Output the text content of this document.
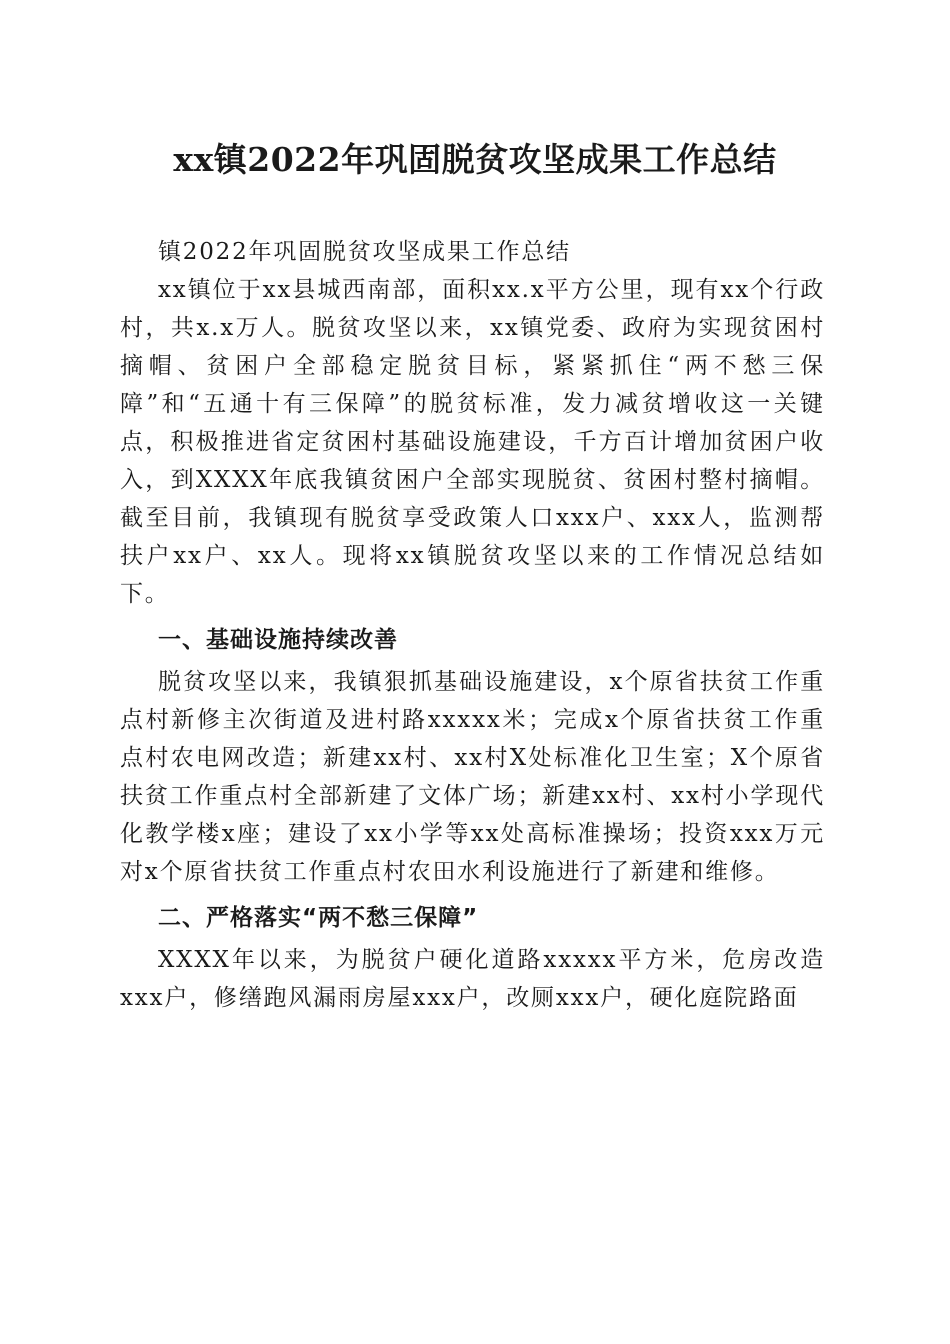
xx镇2022年巩固脱贫攻坚成果工作总结

镇2022年巩固脱贫攻坚成果工作总结

xx镇位于xx县城西南部，面积xx.x平方公里，现有xx个行政村，共x.x万人。脱贫攻坚以来，xx镇党委、政府为实现贫困村摘帽、贫困户全部稳定脱贫目标，紧紧抓住“两不愁三保障”和“五通十有三保障”的脱贫标准，发力减贫增收这一关键点，积极推进省定贫困村基础设施建设，千方百计增加贫困户收入，到XXXX年底我镇贫困户全部实现脱贫、贫困村整村摘帽。截至目前，我镇现有脱贫享受政策人口xxx户、xxx人，监测帮扶户xx户、xx人。现将xx镇脱贫攻坚以来的工作情况总结如下。

一、基础设施持续改善

脱贫攻坚以来，我镇狠抓基础设施建设，x个原省扶贫工作重点村新修主次街道及进村路xxxxx米；完成x个原省扶贫工作重点村农电网改造；新建xx村、xx村X处标准化卫生室；X个原省扶贫工作重点村全部新建了文体广场；新建xx村、xx村小学现代化教学楼x座；建设了xx小学等xx处高标准操场；投资xxx万元对x个原省扶贫工作重点村农田水利设施进行了新建和维修。

二、严格落实“两不愁三保障”

XXXX年以来，为脱贫户硬化道路xxxxx平方米，危房改造xxx户，修缮跑风漏雨房屋xxx户，改厕xxx户，硬化庭院路面
